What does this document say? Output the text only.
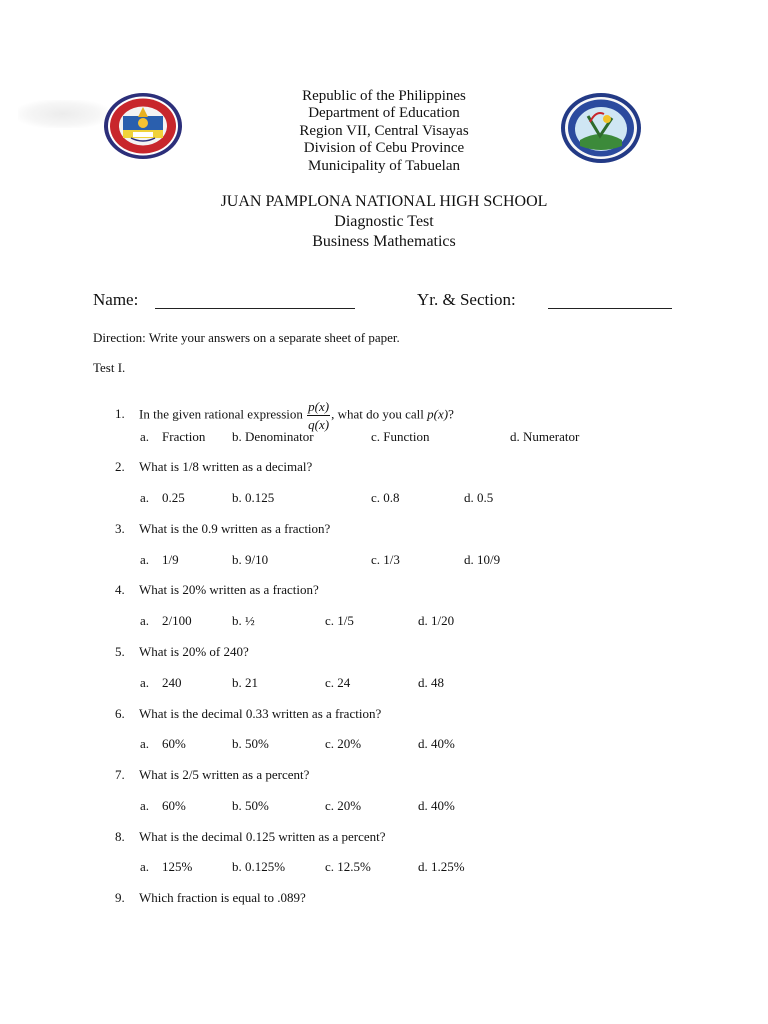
Republic of the Philippines
Department of Education
Region VII, Central Visayas
Division of Cebu Province
Municipality of Tabuelan
JUAN PAMPLONA NATIONAL HIGH SCHOOL
Diagnostic Test
Business Mathematics
Name:	Yr. & Section:
Direction: Write your answers on a separate sheet of paper.
Test I.
1. In the given rational expression $\frac{p(x)}{q(x)}$ , what do you call p(x)?
a. Fraction b. Denominator	c. Function	d. Numerator
2. What is 1/8 written as a decimal?
a. 0.25	b. 0.125	c. 0.8	d. 0.5
3. What is the 0.9 written as a fraction?
a. 1/9	b. 9/10	c. 1/3	d. 10/9
4. What is 20% written as a fraction?
a. 2/100	b. ½	c. 1/5	d. 1/20
5. What is 20% of 240?
a. 240	b. 21	c. 24	d. 48
6. What is the decimal 0.33 written as a fraction?
a. 60%	b. 50%	c. 20%	d. 40%
7. What is 2/5 written as a percent?
a. 60%	b. 50%	c. 20%	d. 40%
8. What is the decimal 0.125 written as a percent?
a. 125%	b. 0.125%	c. 12.5%	d. 1.25%
9. Which fraction is equal to .089?
